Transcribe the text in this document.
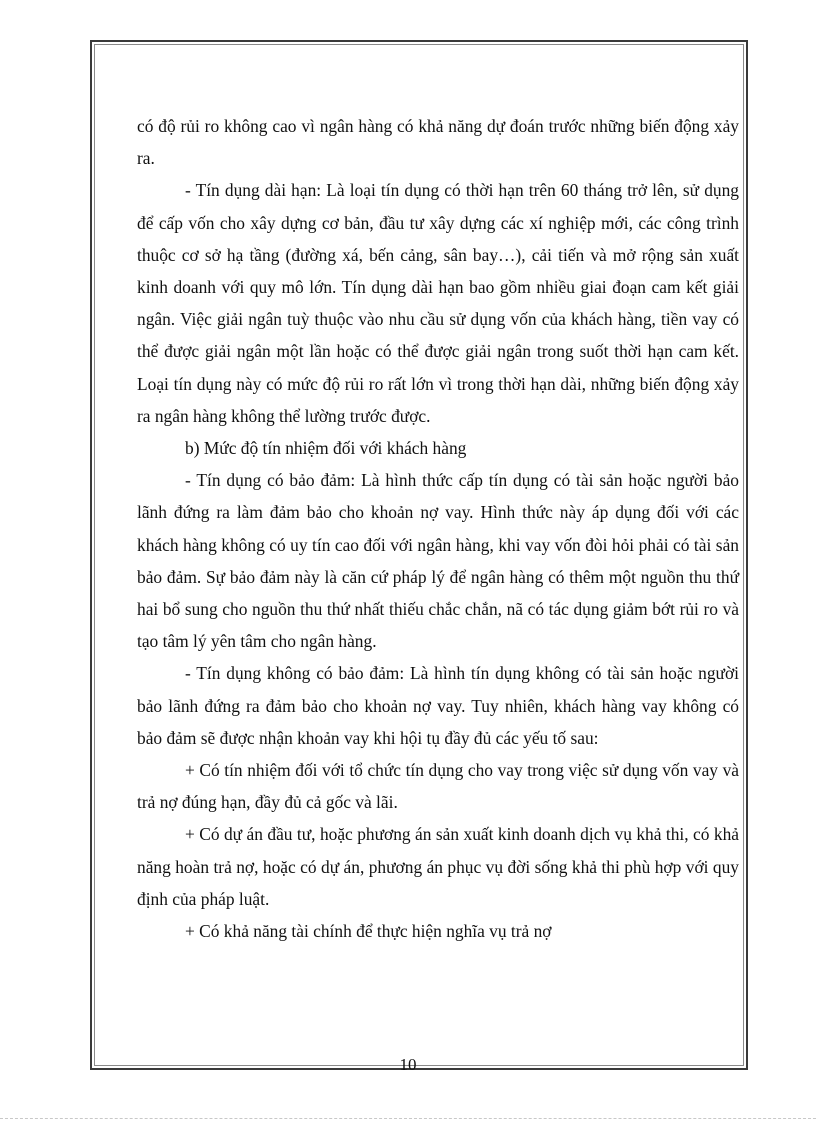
có độ rủi ro không cao vì ngân hàng có khả năng dự đoán trước những biến động xảy ra.

- Tín dụng dài hạn: Là loại tín dụng có thời hạn trên 60 tháng trở lên, sử dụng để cấp vốn cho xây dựng cơ bản, đầu tư xây dựng các xí nghiệp mới, các công trình thuộc cơ sở hạ tầng (đường xá, bến cảng, sân bay…), cải tiến và mở rộng sản xuất kinh doanh với quy mô lớn. Tín dụng dài hạn bao gồm nhiều giai đoạn cam kết giải ngân. Việc giải ngân tuỳ thuộc vào nhu cầu sử dụng vốn của khách hàng, tiền vay có thể được giải ngân một lần hoặc có thể được giải ngân trong suốt thời hạn cam kết. Loại tín dụng này có mức độ rủi ro rất lớn vì trong thời hạn dài, những biến động xảy ra ngân hàng không thể lường trước được.

b) Mức độ tín nhiệm đối với khách hàng

- Tín dụng có bảo đảm: Là hình thức cấp tín dụng có tài sản hoặc người bảo lãnh đứng ra làm đảm bảo cho khoản nợ vay. Hình thức này áp dụng đối với các khách hàng không có uy tín cao đối với ngân hàng, khi vay vốn đòi hỏi phải có tài sản bảo đảm. Sự bảo đảm này là căn cứ pháp lý để ngân hàng có thêm một nguồn thu thứ hai bổ sung cho nguồn thu thứ nhất thiếu chắc chắn, nã có tác dụng giảm bớt rủi ro và tạo tâm lý yên tâm cho ngân hàng.

- Tín dụng không có bảo đảm: Là hình tín dụng không có tài sản hoặc người bảo lãnh đứng ra đảm bảo cho khoản nợ vay. Tuy nhiên, khách hàng vay không có bảo đảm sẽ được nhận khoản vay khi hội tụ đầy đủ các yếu tố sau:

+ Có tín nhiệm đối với tổ chức tín dụng cho vay trong việc sử dụng vốn vay và trả nợ đúng hạn, đầy đủ cả gốc và lãi.

+ Có dự án đầu tư, hoặc phương án sản xuất kinh doanh dịch vụ khả thi, có khả năng hoàn trả nợ, hoặc có dự án, phương án phục vụ đời sống khả thi phù hợp với quy định của pháp luật.

+ Có khả năng tài chính để thực hiện nghĩa vụ trả nợ

10
